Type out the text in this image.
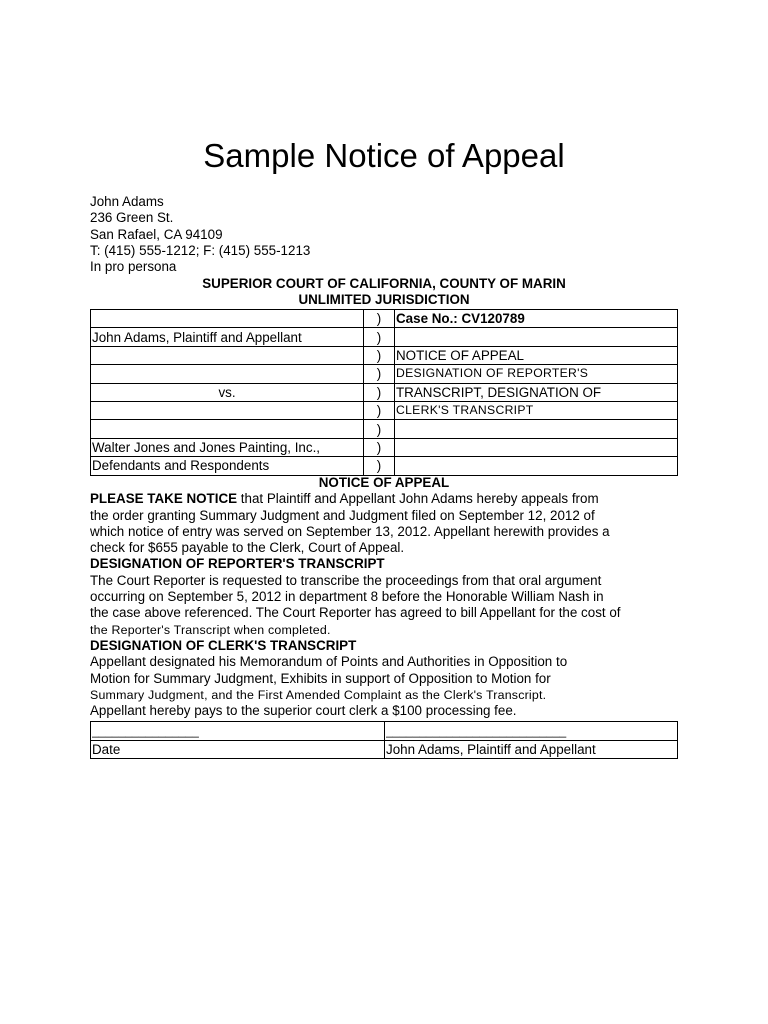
Sample Notice of Appeal
John Adams
236 Green St.
San Rafael, CA 94109
T: (415) 555-1212; F: (415) 555-1213
In pro persona
SUPERIOR COURT OF CALIFORNIA, COUNTY OF MARIN
UNLIMITED JURISDICTION
	)	Case No.: CV120789
John Adams, Plaintiff and Appellant	)	
	)	NOTICE OF APPEAL
	)	DESIGNATION OF REPORTER'S
vs.	)	TRANSCRIPT, DESIGNATION OF
	)	CLERK'S TRANSCRIPT
	)	
Walter Jones and Jones Painting, Inc.,	)	
Defendants and Respondents	)	
NOTICE OF APPEAL

PLEASE TAKE NOTICE that Plaintiff and Appellant John Adams hereby appeals from

the order granting Summary Judgment and Judgment filed on September 12, 2012 of

which notice of entry was served on September 13, 2012. Appellant herewith provides a

check for $655 payable to the Clerk, Court of Appeal.

DESIGNATION OF REPORTER'S TRANSCRIPT

The Court Reporter is requested to transcribe the proceedings from that oral argument

occurring on September 5, 2012 in department 8 before the Honorable William Nash in

the case above referenced. The Court Reporter has agreed to bill Appellant for the cost of

the Reporter's Transcript when completed.

DESIGNATION OF CLERK'S TRANSCRIPT

Appellant designated his Memorandum of Points and Authorities in Opposition to

Motion for Summary Judgment, Exhibits in support of Opposition to Motion for

Summary Judgment, and the First Amended Complaint as the Clerk's Transcript.

Appellant hereby pays to the superior court clerk a $100 processing fee.

________________	___________________________

Date	John Adams, Plaintiff and Appellant
